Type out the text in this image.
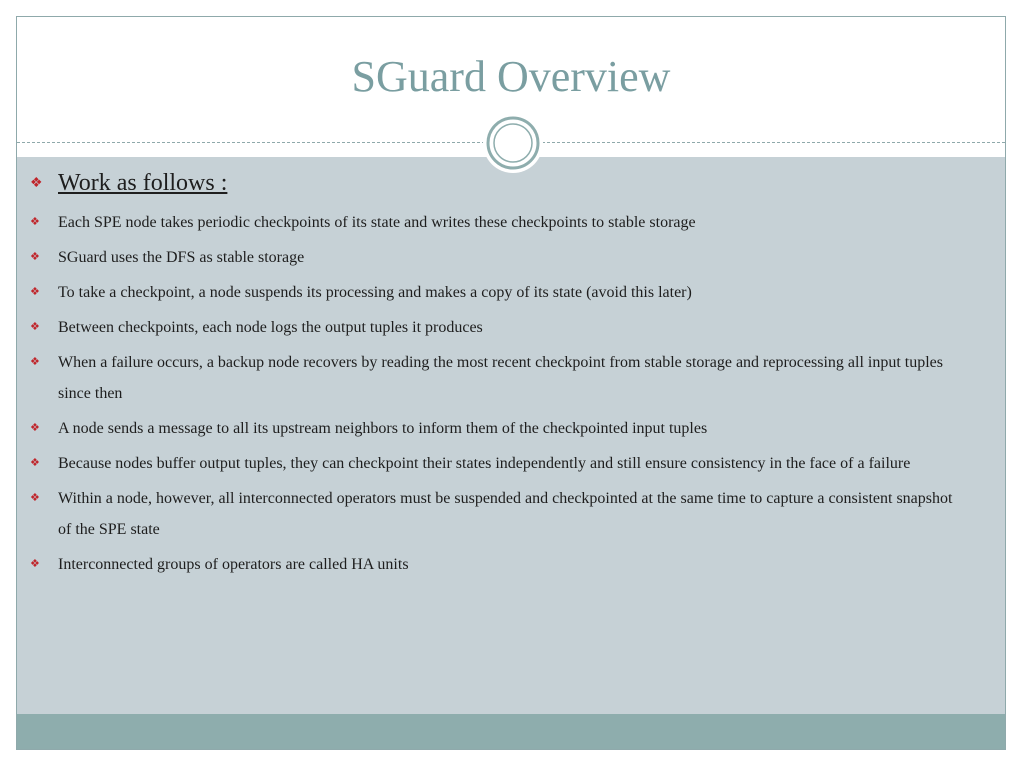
SGuard Overview
❖ Work as follows :
❖	Each SPE node takes periodic checkpoints of its state and writes these checkpoints to stable storage
❖	SGuard uses the DFS as stable storage
❖	To take a checkpoint, a node suspends its processing and makes a copy of its state (avoid this later)
❖	Between checkpoints, each node logs the output tuples it produces
❖	When a failure occurs, a backup node recovers by reading the most recent checkpoint from stable storage and reprocessing all input tuples since then
❖	A node sends a message to all its upstream neighbors to inform them of the checkpointed input tuples
❖	Because nodes buffer output tuples, they can checkpoint their states independently and still ensure consistency in the face of a failure
❖	Within a node, however, all interconnected operators must be suspended and checkpointed at the same time to capture a consistent snapshot of the SPE state
❖	Interconnected groups of operators are called HA units
